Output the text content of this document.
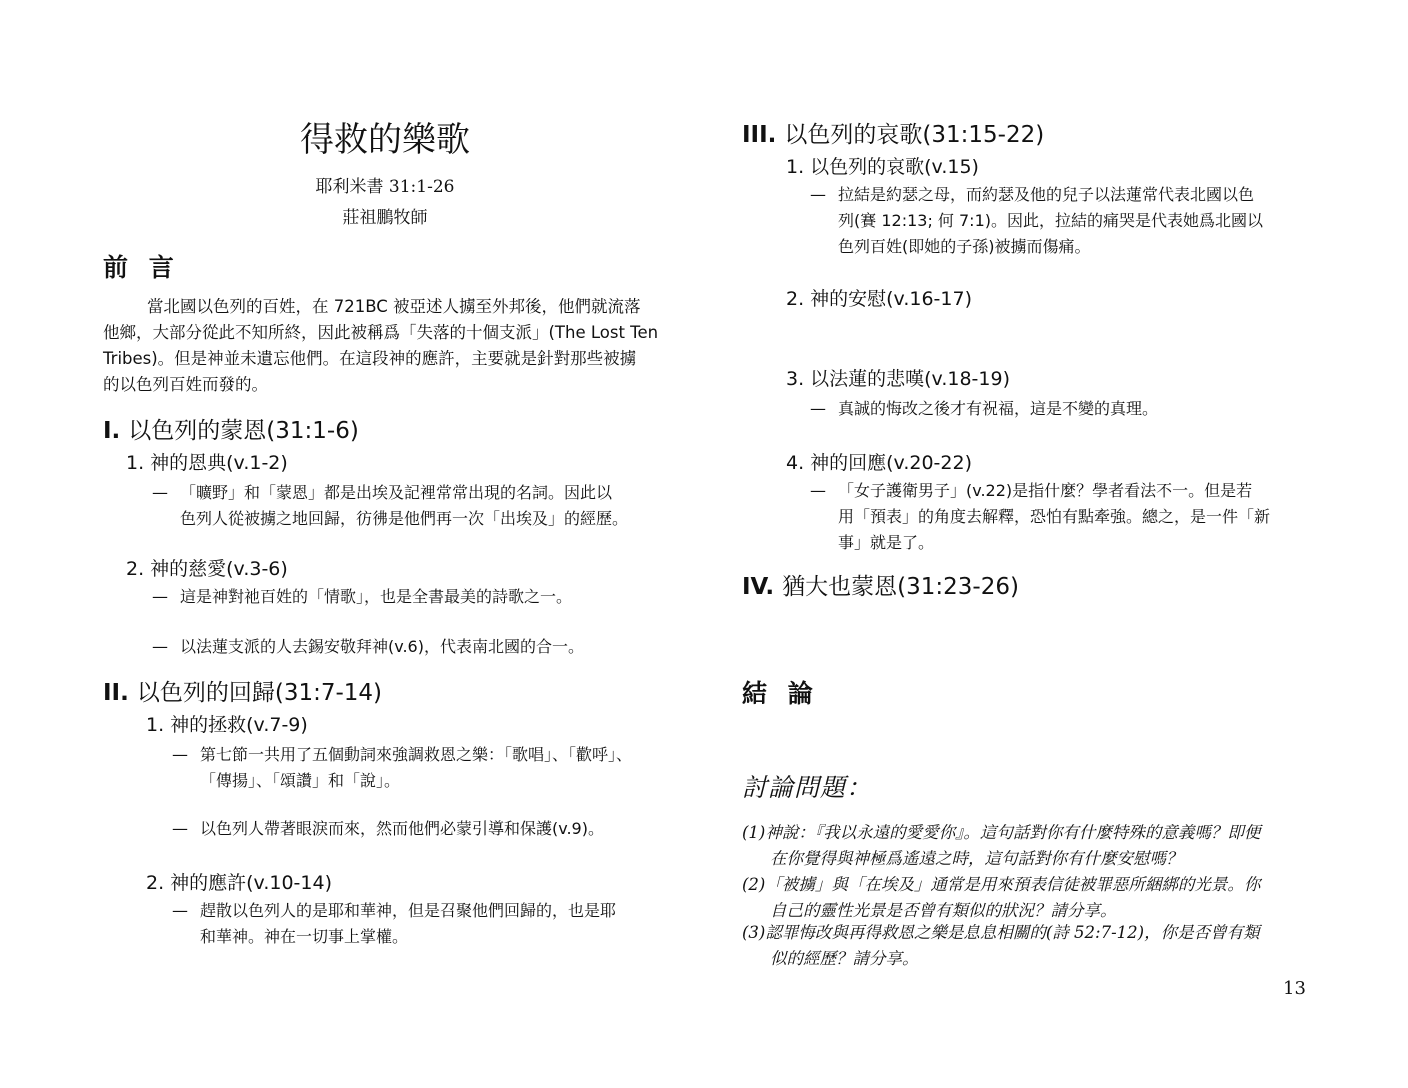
得救的樂歌
耶利米書 31:1-26
莊祖鵬牧師
前 言
當北國以色列的百姓，在 721BC 被亞述人擄至外邦後，他們就流落
他鄉，大部分從此不知所終，因此被稱爲「失落的十個支派」(The Lost Ten
Tribes)。但是神並未遺忘他們。在這段神的應許，主要就是針對那些被擄
的以色列百姓而發的。
I. 以色列的蒙恩(31:1-6)
1. 神的恩典(v.1-2)
— 「曠野」和「蒙恩」都是出埃及記裡常常出現的名詞。因此以
色列人從被擄之地回歸，彷彿是他們再一次「出埃及」的經歷。
2. 神的慈愛(v.3-6)
— 這是神對祂百姓的「情歌」，也是全書最美的詩歌之一。
— 以法蓮支派的人去錫安敬拜神(v.6)，代表南北國的合一。
II. 以色列的回歸(31:7-14)
1. 神的拯救(v.7-9)
— 第七節一共用了五個動詞來強調救恩之樂：「歌唱」、「歡呼」、
「傳揚」、「頌讚」和「說」。
— 以色列人帶著眼淚而來，然而他們必蒙引導和保護(v.9)。
2. 神的應許(v.10-14)
— 趕散以色列人的是耶和華神，但是召聚他們回歸的，也是耶
和華神。神在一切事上掌權。
III. 以色列的哀歌(31:15-22)
1. 以色列的哀歌(v.15)
— 拉結是約瑟之母，而約瑟及他的兒子以法蓮常代表北國以色
列(賽 12:13; 何 7:1)。因此，拉結的痛哭是代表她爲北國以
色列百姓(即她的子孫)被擄而傷痛。
2. 神的安慰(v.16-17)
3. 以法蓮的悲嘆(v.18-19)
— 真誠的悔改之後才有祝福，這是不變的真理。
4. 神的回應(v.20-22)
— 「女子護衛男子」(v.22)是指什麼？學者看法不一。但是若
用「預表」的角度去解釋，恐怕有點牽強。總之，是一件「新
事」就是了。
IV. 猶大也蒙恩(31:23-26)
結 論
討論問題：
(1)神說：『我以永遠的愛愛你』。這句話對你有什麼特殊的意義嗎？即便
在你覺得與神極爲遙遠之時，這句話對你有什麼安慰嗎？
(2)「被擄」與「在埃及」通常是用來預表信徒被罪惡所綑綁的光景。你
自己的靈性光景是否曾有類似的狀況？請分享。
(3)認罪悔改與再得救恩之樂是息息相關的(詩 52:7-12)，你是否曾有類
似的經歷？請分享。
13
